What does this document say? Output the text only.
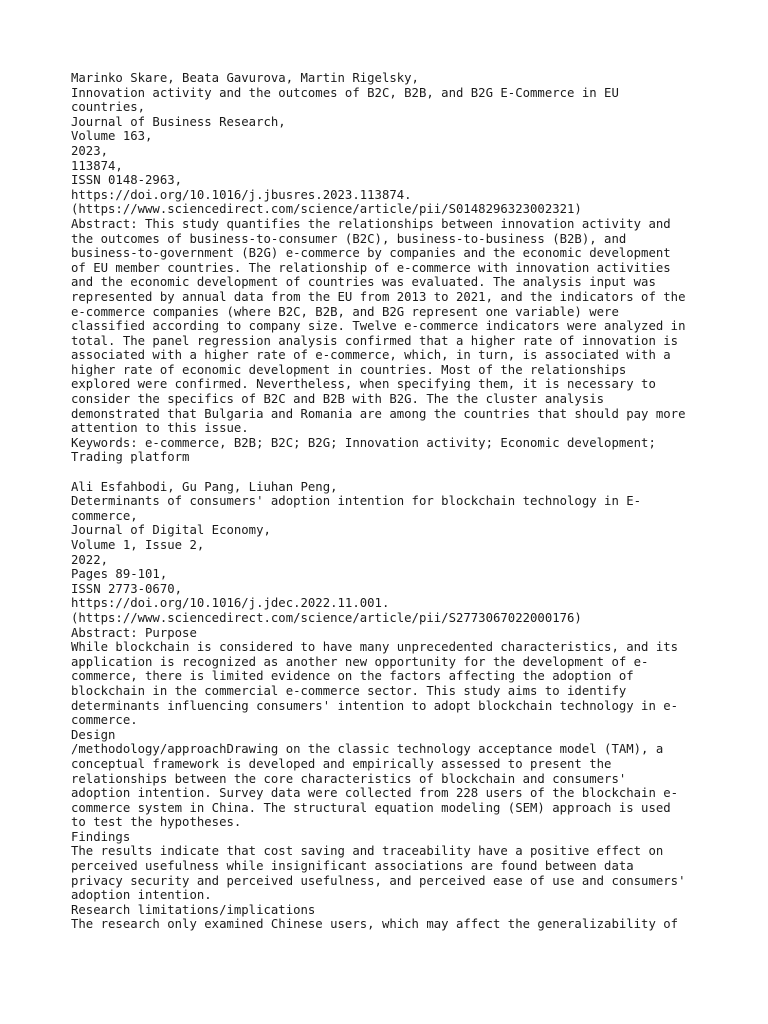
Marinko Skare, Beata Gavurova, Martin Rigelsky,
Innovation activity and the outcomes of B2C, B2B, and B2G E-Commerce in EU
countries,
Journal of Business Research,
Volume 163,
2023,
113874,
ISSN 0148-2963,
https://doi.org/10.1016/j.jbusres.2023.113874.
(https://www.sciencedirect.com/science/article/pii/S0148296323002321)
Abstract: This study quantifies the relationships between innovation activity and
the outcomes of business-to-consumer (B2C), business-to-business (B2B), and
business-to-government (B2G) e-commerce by companies and the economic development
of EU member countries. The relationship of e-commerce with innovation activities
and the economic development of countries was evaluated. The analysis input was
represented by annual data from the EU from 2013 to 2021, and the indicators of the
e-commerce companies (where B2C, B2B, and B2G represent one variable) were
classified according to company size. Twelve e-commerce indicators were analyzed in
total. The panel regression analysis confirmed that a higher rate of innovation is
associated with a higher rate of e-commerce, which, in turn, is associated with a
higher rate of economic development in countries. Most of the relationships
explored were confirmed. Nevertheless, when specifying them, it is necessary to
consider the specifics of B2C and B2B with B2G. The the cluster analysis
demonstrated that Bulgaria and Romania are among the countries that should pay more
attention to this issue.
Keywords: e-commerce, B2B; B2C; B2G; Innovation activity; Economic development;
Trading platform
Ali Esfahbodi, Gu Pang, Liuhan Peng,
Determinants of consumers' adoption intention for blockchain technology in E-
commerce,
Journal of Digital Economy,
Volume 1, Issue 2,
2022,
Pages 89-101,
ISSN 2773-0670,
https://doi.org/10.1016/j.jdec.2022.11.001.
(https://www.sciencedirect.com/science/article/pii/S2773067022000176)
Abstract: Purpose
While blockchain is considered to have many unprecedented characteristics, and its
application is recognized as another new opportunity for the development of e-
commerce, there is limited evidence on the factors affecting the adoption of
blockchain in the commercial e-commerce sector. This study aims to identify
determinants influencing consumers' intention to adopt blockchain technology in e-
commerce.
Design
/methodology/approachDrawing on the classic technology acceptance model (TAM), a
conceptual framework is developed and empirically assessed to present the
relationships between the core characteristics of blockchain and consumers'
adoption intention. Survey data were collected from 228 users of the blockchain e-
commerce system in China. The structural equation modeling (SEM) approach is used
to test the hypotheses.
Findings
The results indicate that cost saving and traceability have a positive effect on
perceived usefulness while insignificant associations are found between data
privacy security and perceived usefulness, and perceived ease of use and consumers'
adoption intention.
Research limitations/implications
The research only examined Chinese users, which may affect the generalizability of
